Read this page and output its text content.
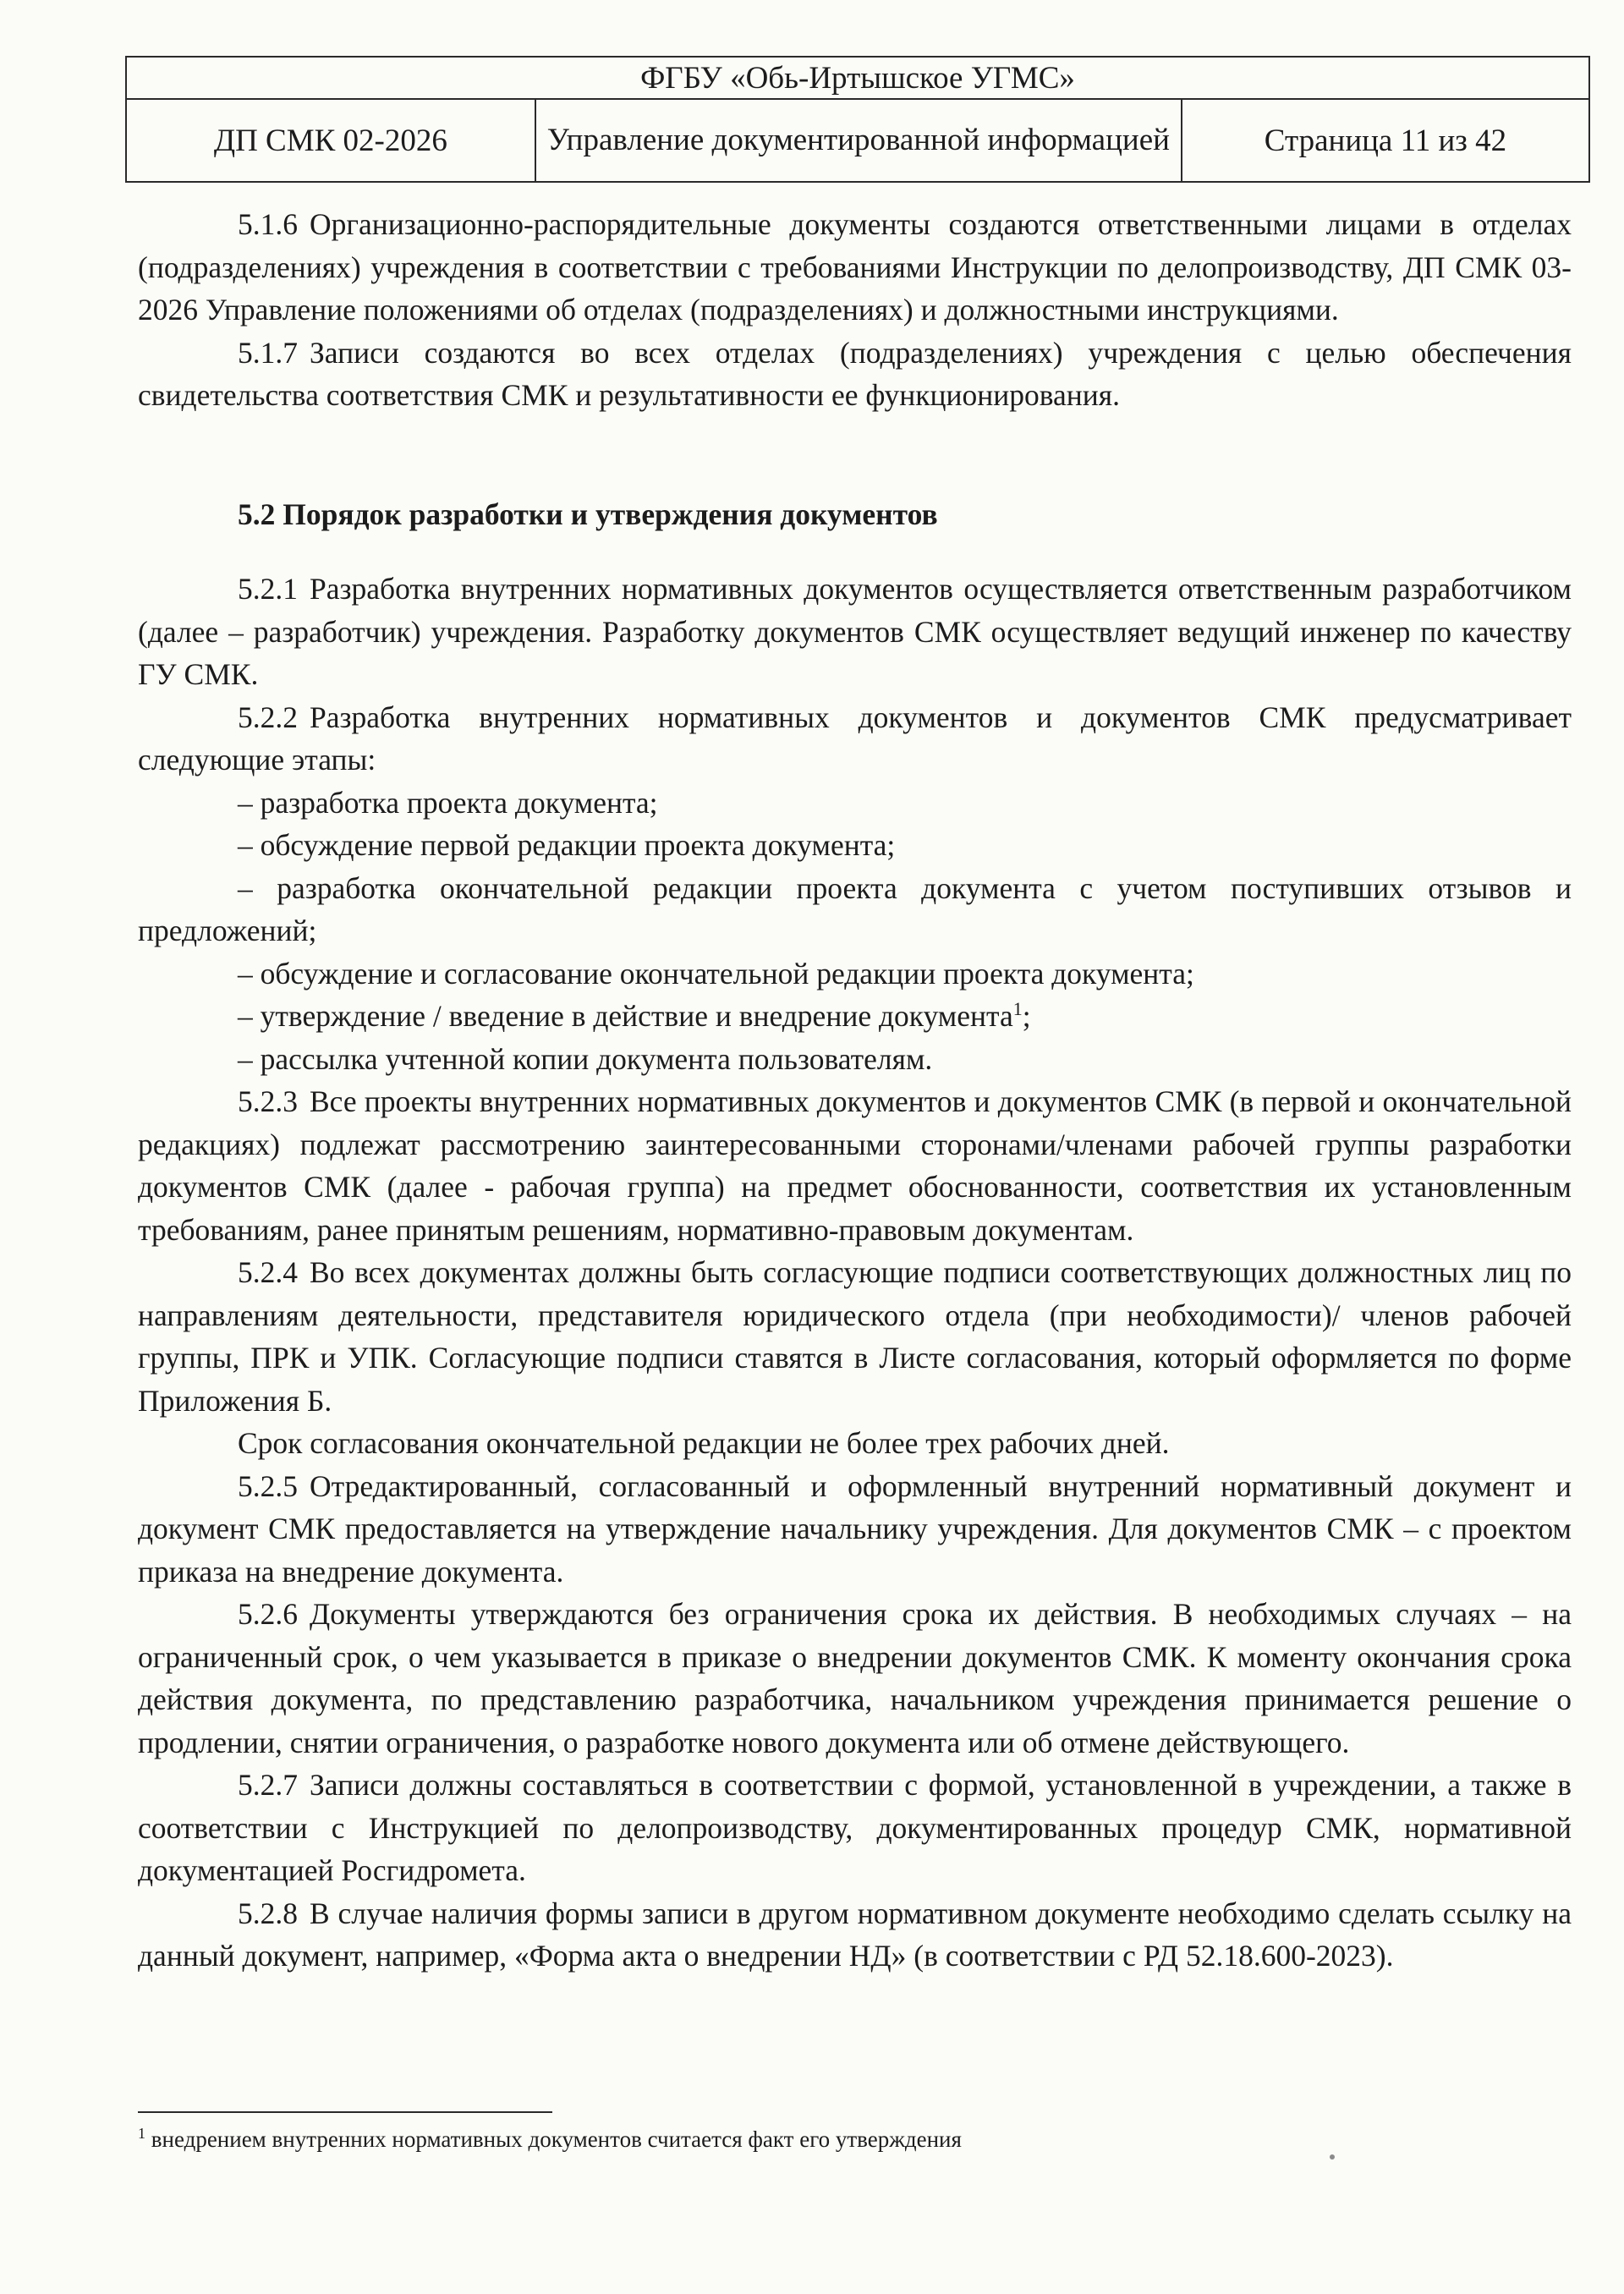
ФГБУ «Обь-Иртышское УГМС»
ДП СМК 02-2026	Управление документированной информацией	Страница 11 из 42

5.1.6 Организационно-распорядительные документы создаются ответственными лицами в отделах (подразделениях) учреждения в соответствии с требованиями Инструкции по делопроизводству, ДП СМК 03-2026 Управление положениями об отделах (подразделениях) и должностными инструкциями.

5.1.7 Записи создаются во всех отделах (подразделениях) учреждения с целью обеспечения свидетельства соответствия СМК и результативности ее функционирования.

5.2 Порядок разработки и утверждения документов

5.2.1 Разработка внутренних нормативных документов осуществляется ответственным разработчиком (далее – разработчик) учреждения. Разработку документов СМК осуществляет ведущий инженер по качеству ГУ СМК.

5.2.2 Разработка внутренних нормативных документов и документов СМК предусматривает следующие этапы:

– разработка проекта документа;

– обсуждение первой редакции проекта документа;

– разработка окончательной редакции проекта документа с учетом поступивших отзывов и предложений;

– обсуждение и согласование окончательной редакции проекта документа;

– утверждение / введение в действие и внедрение документа$^1$;

– рассылка учтенной копии документа пользователям.

5.2.3 Все проекты внутренних нормативных документов и документов СМК (в первой и окончательной редакциях) подлежат рассмотрению заинтересованными сторонами/членами рабочей группы разработки документов СМК (далее - рабочая группа) на предмет обоснованности, соответствия их установленным требованиям, ранее принятым решениям, нормативно-правовым документам.

5.2.4 Во всех документах должны быть согласующие подписи соответствующих должностных лиц по направлениям деятельности, представителя юридического отдела (при необходимости)/ членов рабочей группы, ПРК и УПК. Согласующие подписи ставятся в Листе согласования, который оформляется по форме Приложения Б.

Срок согласования окончательной редакции не более трех рабочих дней.

5.2.5 Отредактированный, согласованный и оформленный внутренний нормативный документ и документ СМК предоставляется на утверждение начальнику учреждения. Для документов СМК – с проектом приказа на внедрение документа.

5.2.6 Документы утверждаются без ограничения срока их действия. В необходимых случаях – на ограниченный срок, о чем указывается в приказе о внедрении документов СМК. К моменту окончания срока действия документа, по представлению разработчика, начальником учреждения принимается решение о продлении, снятии ограничения, о разработке нового документа или об отмене действующего.

5.2.7 Записи должны составляться в соответствии с формой, установленной в учреждении, а также в соответствии с Инструкцией по делопроизводству, документированных процедур СМК, нормативной документацией Росгидромета.

5.2.8 В случае наличия формы записи в другом нормативном документе необходимо сделать ссылку на данный документ, например, «Форма акта о внедрении НД» (в соответствии с РД 52.18.600-2023).

$^1$ внедрением внутренних нормативных документов считается факт его утверждения
